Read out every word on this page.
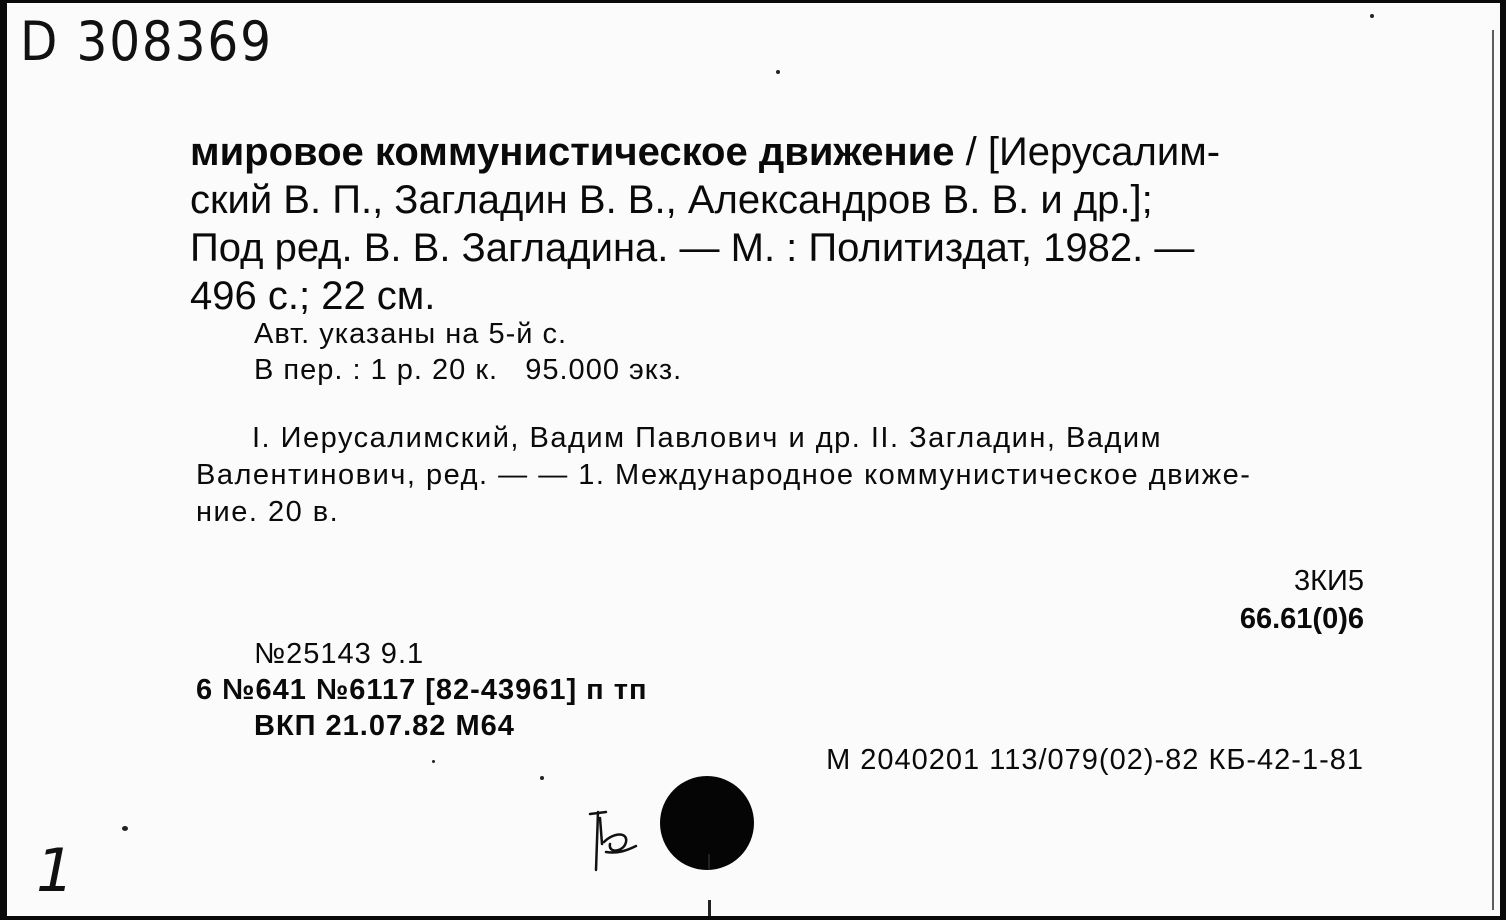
D 308369
мировое коммунистическое движение / [Иерусалим-
ский В. П., Загладин В. В., Александров В. В. и др.];
Под ред. В. В. Загладина. — М. : Политиздат, 1982. —
496 с.; 22 см.
Авт. указаны на 5-й с.
В пер. : 1 р. 20 к.   95.000 экз.
I. Иерусалимский, Вадим Павлович и др. II. Загладин, Вадим
Валентинович, ред. — — 1. Международное коммунистическое движе-
ние. 20 в.
3КИ5
66.61(0)6
№25143 9.1
6 №641 №6117 [82-43961] п тп
ВКП 21.07.82 М64
М 2040201 113/079(02)-82 КБ-42-1-81
1
